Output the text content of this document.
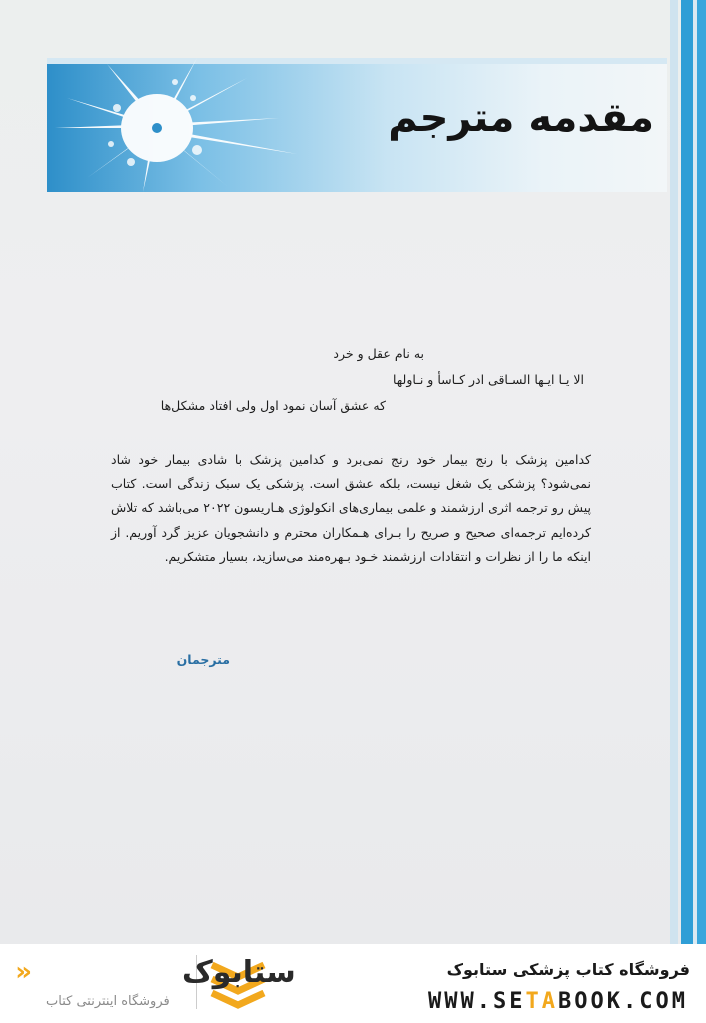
مقدمه مترجم
به نام عقل و خرد
الا یـا ایـها السـاقی ادر کـاسأ و نـاولها
که عشق آسان نمود اول ولی افتاد مشکل‌ها

کدامین پزشک با رنج بیمار خود رنج نمی‌برد و کدامین پزشک با شادی بیمار خود شاد نمی‌شود؟ پزشکی یک شغل نیست، بلکه عشق است. پزشکی یک سبک زندگی است. کتاب پیش رو ترجمه اثری ارزشمند و علمی بیماری‌های انکولوژی هـاریسون ۲۰۲۲ می‌باشد که تلاش کرده‌ایم ترجمه‌ای صحیح و صریح را بـرای هـمکاران محترم و دانشجویان عزیز گرد آوریم. از اینکه ما را از نظرات و انتقادات ارزشمند خـود بـهره‌مند می‌سازید، بسیار متشکریم.

مترجمان
فروشگاه کتاب پزشکی ستابوک
WWW.SETABOOK.COM
ستابوک
«
فروشگاه اینترنتی کتاب
